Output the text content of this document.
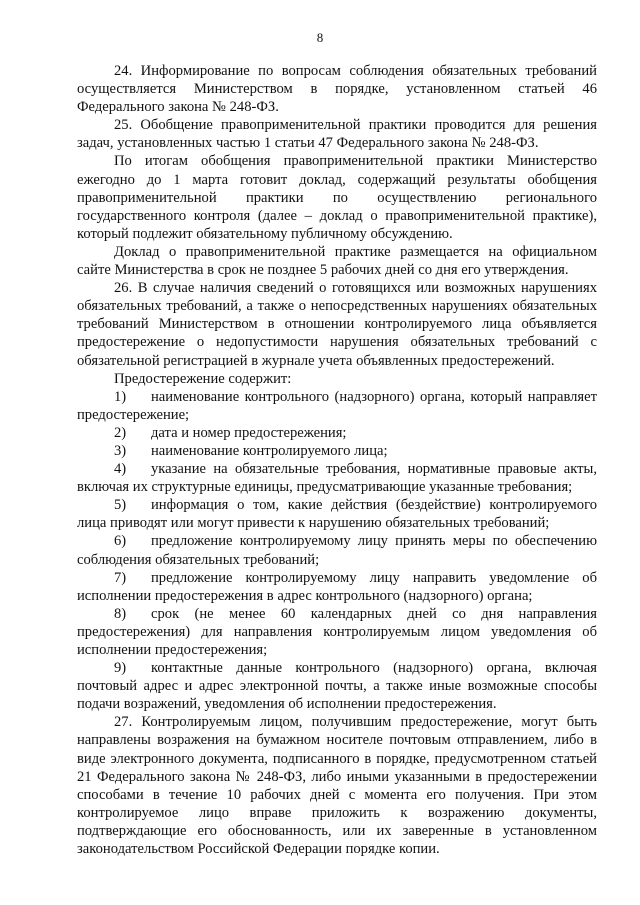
8

24. Информирование по вопросам соблюдения обязательных требований осуществляется Министерством в порядке, установленном статьей 46 Федерального закона № 248-ФЗ.

25. Обобщение правоприменительной практики проводится для решения задач, установленных частью 1 статьи 47 Федерального закона № 248-ФЗ.

По итогам обобщения правоприменительной практики Министерство ежегодно до 1 марта готовит доклад, содержащий результаты обобщения правоприменительной практики по осуществлению регионального государственного контроля (далее – доклад о правоприменительной практике), который подлежит обязательному публичному обсуждению.

Доклад о правоприменительной практике размещается на официальном сайте Министерства в срок не позднее 5 рабочих дней со дня его утверждения.

26. В случае наличия сведений о готовящихся или возможных нарушениях обязательных требований, а также о непосредственных нарушениях обязательных требований Министерством в отношении контролируемого лица объявляется предостережение о недопустимости нарушения обязательных требований с обязательной регистрацией в журнале учета объявленных предостережений.

Предостережение содержит:

1) наименование контрольного (надзорного) органа, который направляет предостережение;

2) дата и номер предостережения;

3) наименование контролируемого лица;

4) указание на обязательные требования, нормативные правовые акты, включая их структурные единицы, предусматривающие указанные требования;

5) информация о том, какие действия (бездействие) контролируемого лица приводят или могут привести к нарушению обязательных требований;

6) предложение контролируемому лицу принять меры по обеспечению соблюдения обязательных требований;

7) предложение контролируемому лицу направить уведомление об исполнении предостережения в адрес контрольного (надзорного) органа;

8) срок (не менее 60 календарных дней со дня направления предостережения) для направления контролируемым лицом уведомления об исполнении предостережения;

9) контактные данные контрольного (надзорного) органа, включая почтовый адрес и адрес электронной почты, а также иные возможные способы подачи возражений, уведомления об исполнении предостережения.

27. Контролируемым лицом, получившим предостережение, могут быть направлены возражения на бумажном носителе почтовым отправлением, либо в виде электронного документа, подписанного в порядке, предусмотренном статьей 21 Федерального закона № 248-ФЗ, либо иными указанными в предостережении способами в течение 10 рабочих дней с момента его получения. При этом контролируемое лицо вправе приложить к возражению документы, подтверждающие его обоснованность, или их заверенные в установленном законодательством Российской Федерации порядке копии.
